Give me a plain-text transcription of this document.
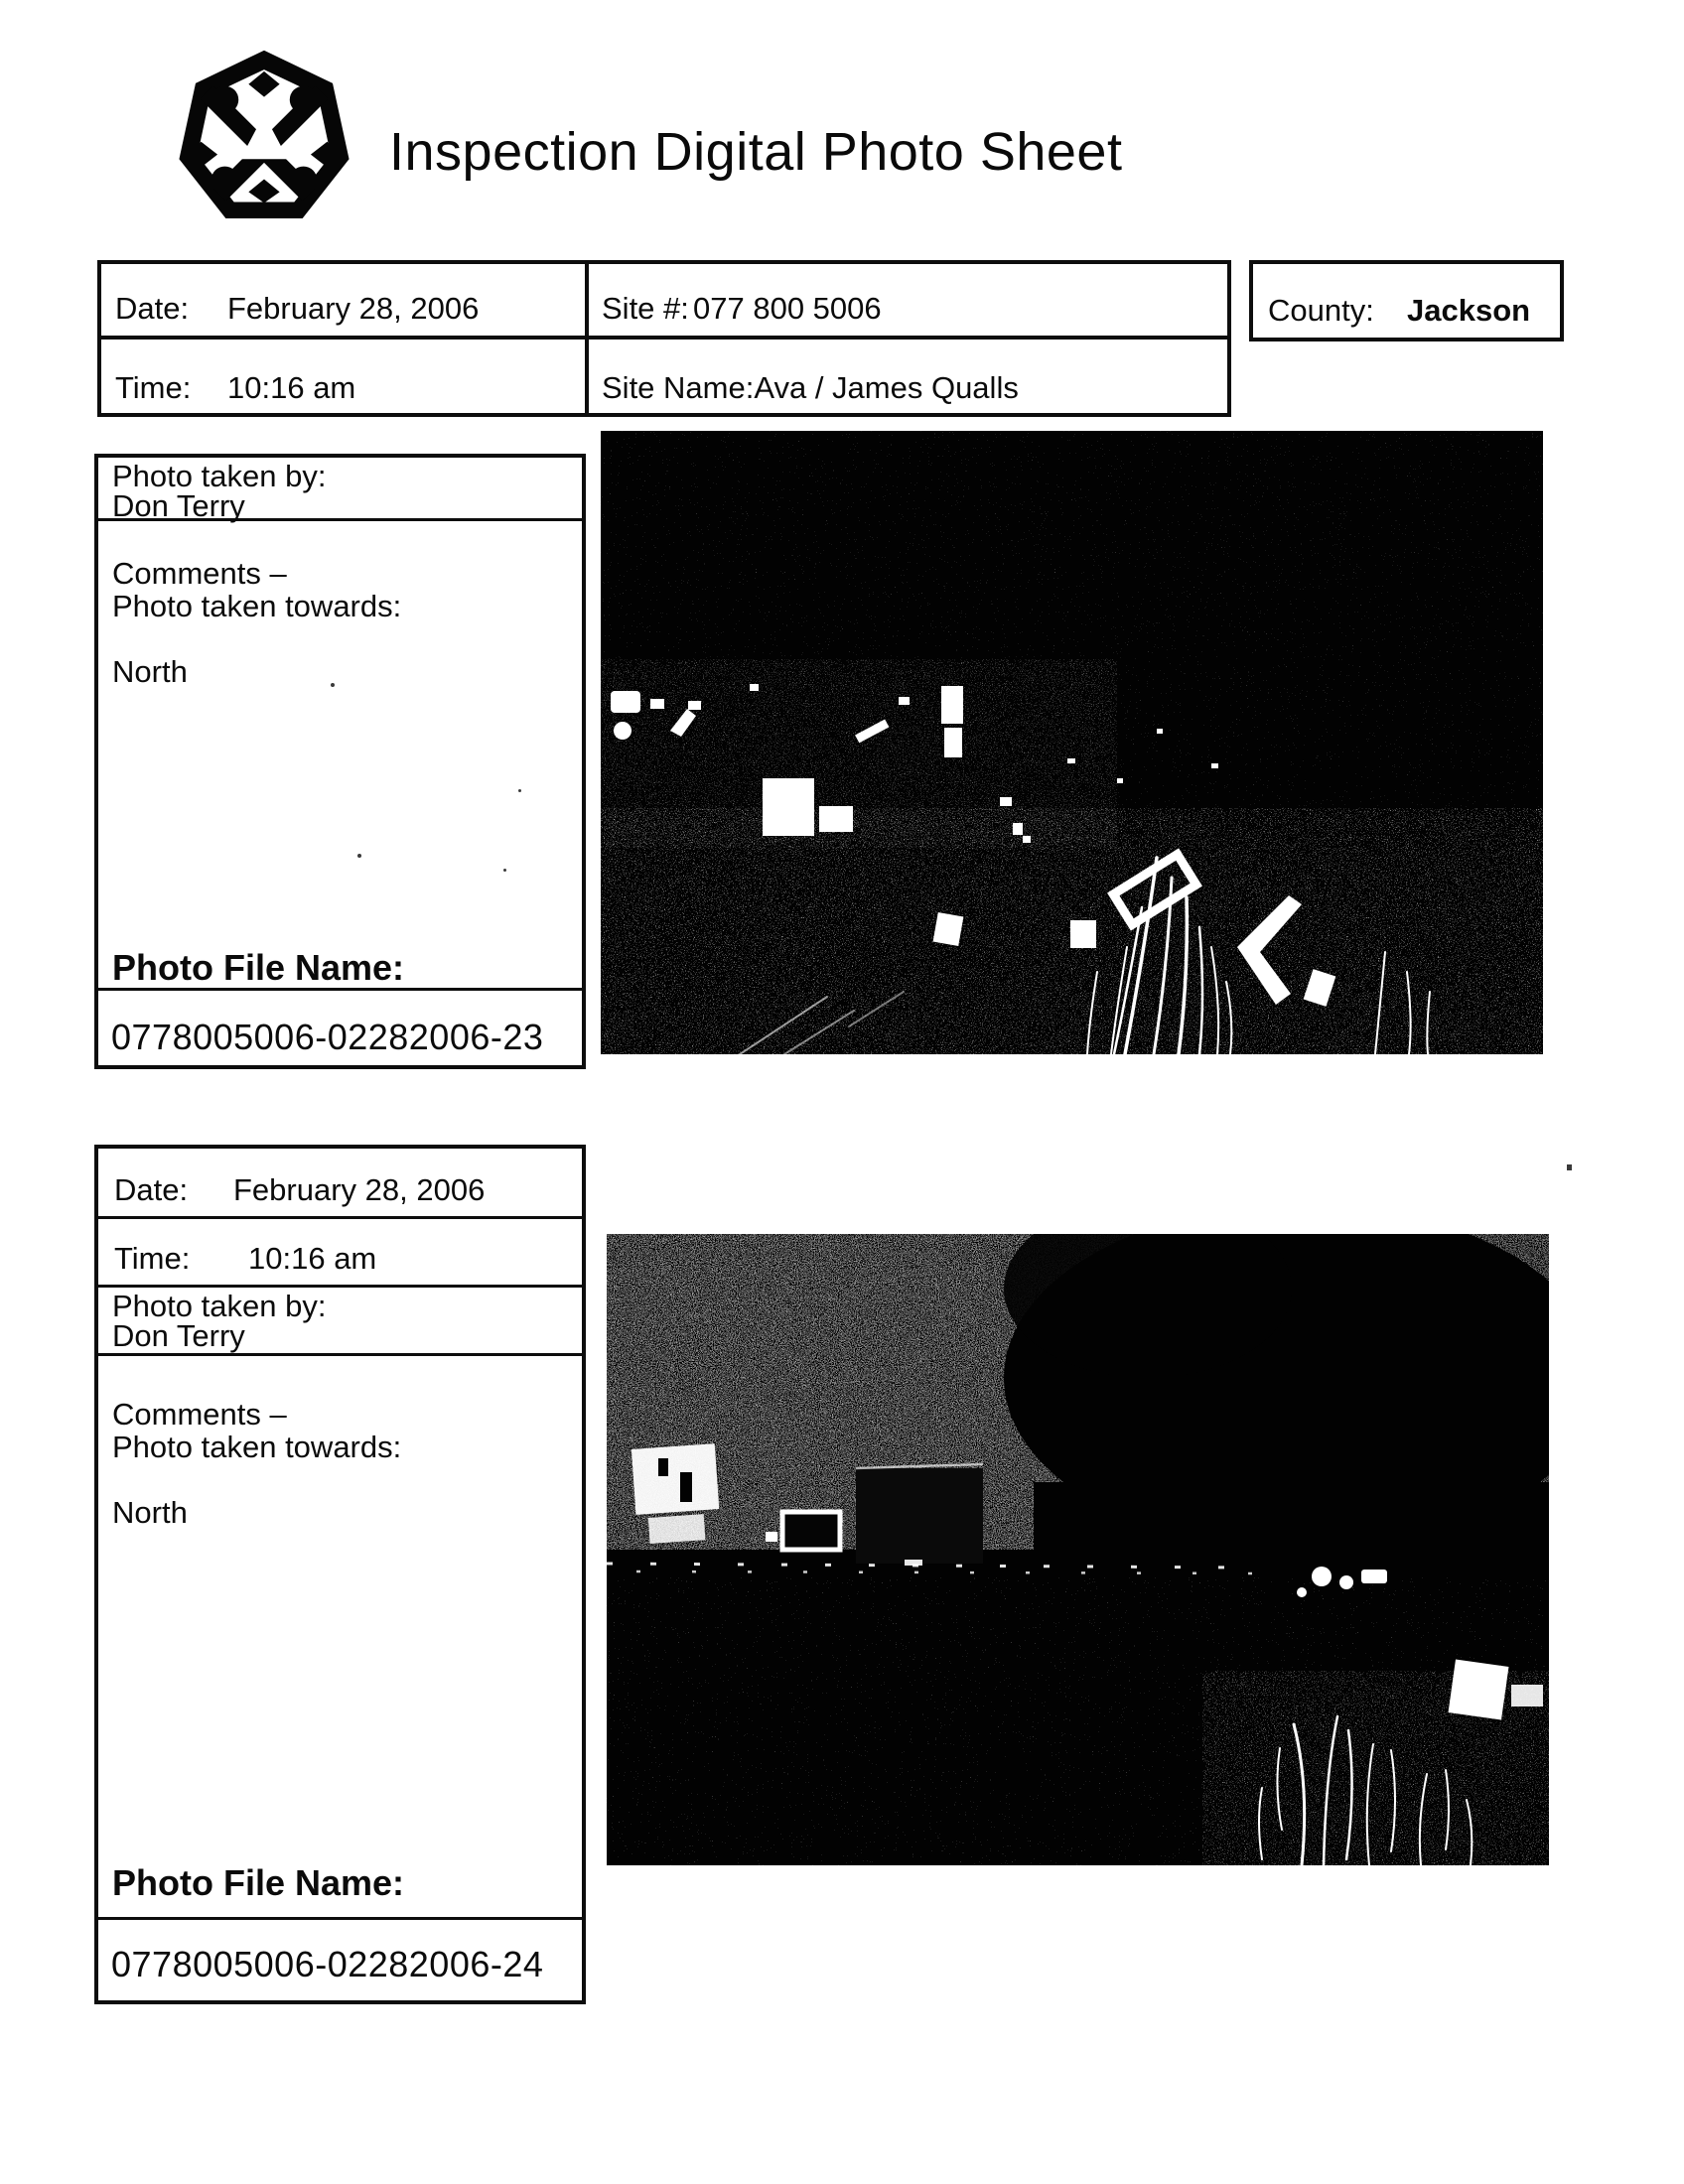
Inspection Digital Photo Sheet
Date:	February 28, 2006	Site #: 077 800 5006
Time:	10:16 am	Site Name: Ava / James Qualls
County:	Jackson
Photo taken by:
Don Terry
Comments –
Photo taken towards:
North
Photo File Name:
0778005006-02282006-23
Date:	February 28, 2006
Time:	10:16 am
Photo taken by:
Don Terry
Comments –
Photo taken towards:
North
Photo File Name:
0778005006-02282006-24
